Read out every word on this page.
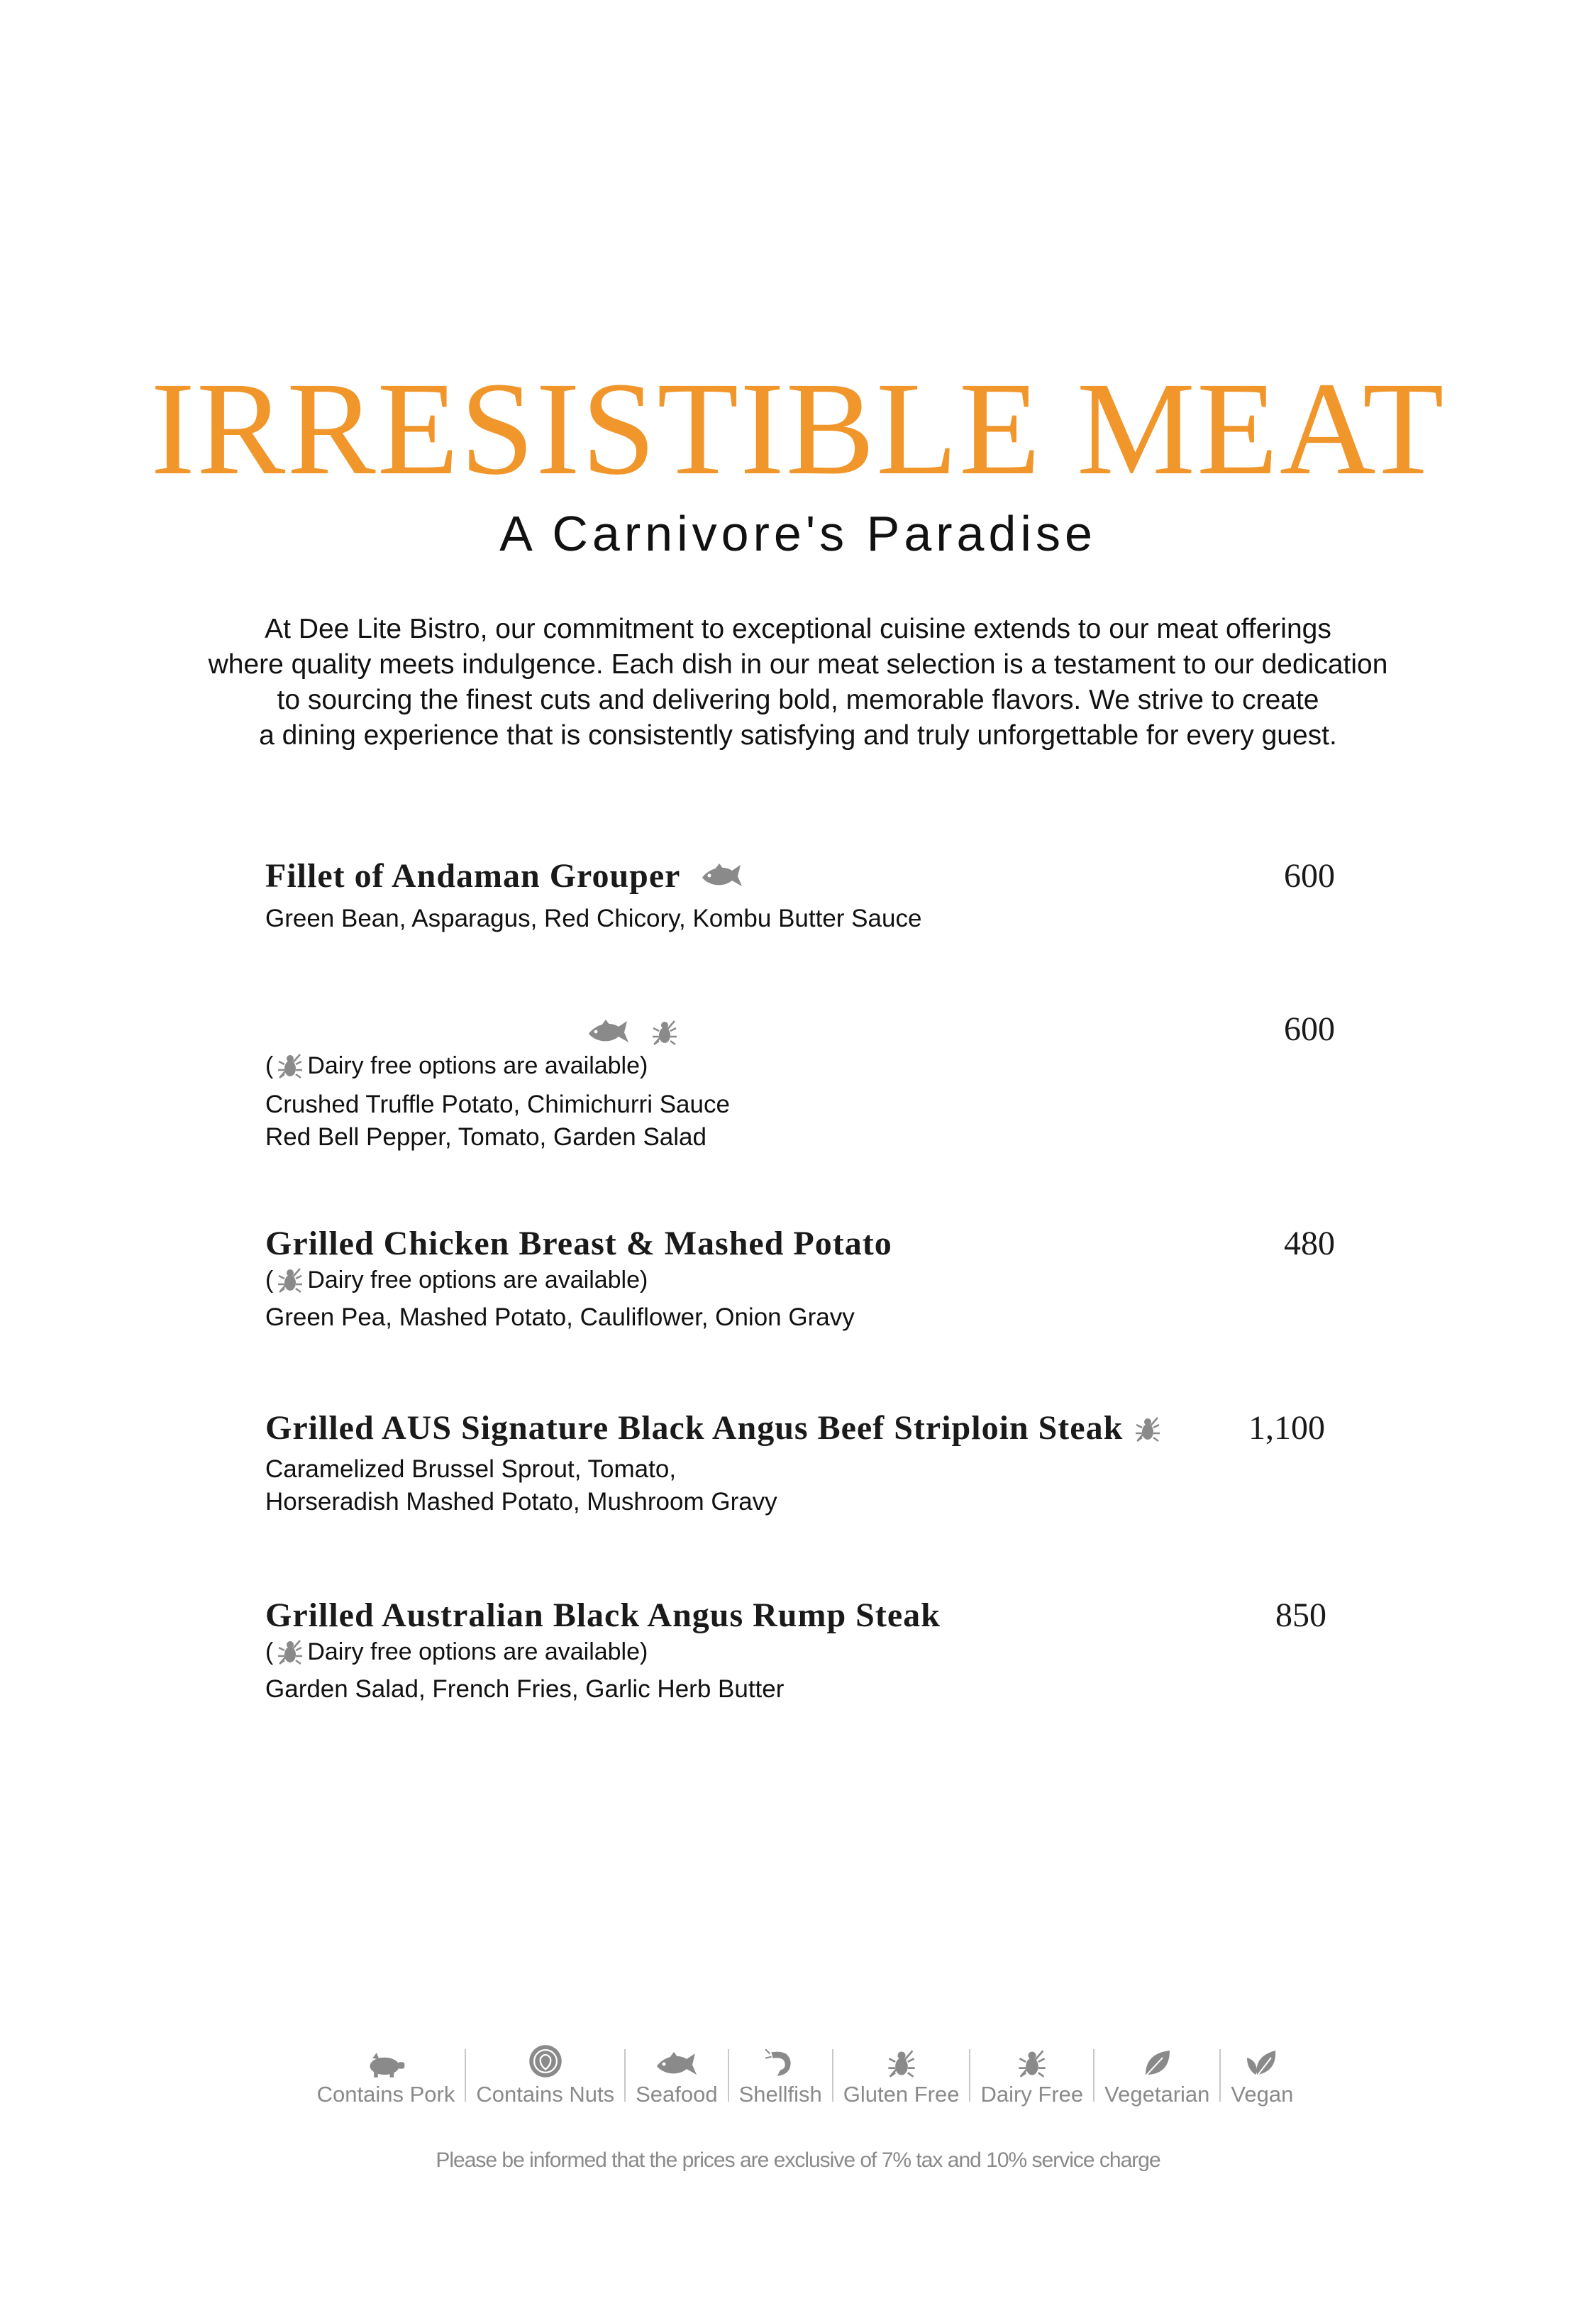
IRRESISTIBLE MEAT
A Carnivore's Paradise
At Dee Lite Bistro, our commitment to exceptional cuisine extends to our meat offerings
where quality meets indulgence. Each dish in our meat selection is a testament to our dedication
to sourcing the finest cuts and delivering bold, memorable flavors. We strive to create
a dining experience that is consistently satisfying and truly unforgettable for every guest.
Fillet of Andaman Grouper	600
Green Bean, Asparagus, Red Chicory, Kombu Butter Sauce

600
( Dairy free options are available)
Crushed Truffle Potato, Chimichurri Sauce
Red Bell Pepper, Tomato, Garden Salad
Grilled Chicken Breast & Mashed Potato	480
( Dairy free options are available)
Green Pea, Mashed Potato, Cauliflower, Onion Gravy
Grilled AUS Signature Black Angus Beef Striploin Steak	1,100
Caramelized Brussel Sprout, Tomato,
Horseradish Mashed Potato, Mushroom Gravy
Grilled Australian Black Angus Rump Steak	850
( Dairy free options are available)
Garden Salad, French Fries, Garlic Herb Butter
Contains Pork Contains Nuts Seafood Shellfish Gluten Free Dairy Free Vegetarian Vegan
Please be informed that the prices are exclusive of 7% tax and 10% service charge
